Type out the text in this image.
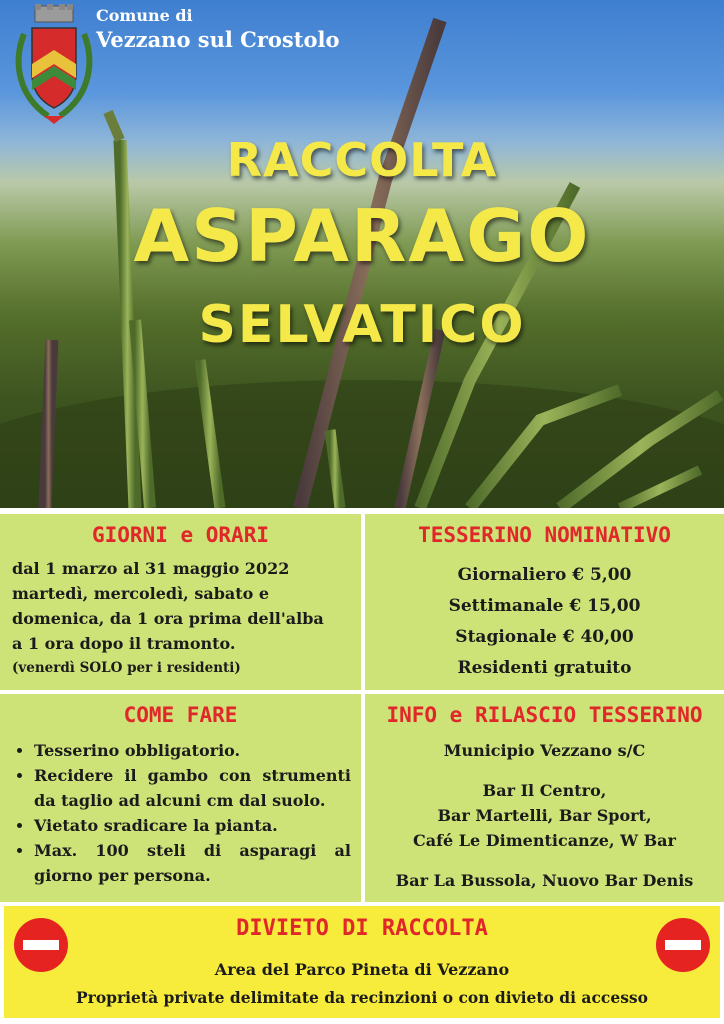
Comune di
Vezzano sul Crostolo
RACCOLTA
ASPARAGO
SELVATICO
GIORNI e ORARI
dal 1 marzo al 31 maggio 2022
martedì, mercoledì, sabato e
domenica, da 1 ora prima dell'alba
a 1 ora dopo il tramonto.

(venerdì SOLO per i residenti)
TESSERINO NOMINATIVO
Giornaliero € 5,00
Settimanale € 15,00
Stagionale € 40,00
Residenti gratuito
COME FARE
• Tesserino obbligatorio.
• Recidere il gambo con strumenti da taglio ad alcuni cm dal suolo.
• Vietato sradicare la pianta.
• Max. 100 steli di asparagi al giorno per persona.
INFO e RILASCIO TESSERINO
Municipio Vezzano s/C
Bar Il Centro,
Bar Martelli, Bar Sport,
Café Le Dimenticanze, W Bar
Bar La Bussola, Nuovo Bar Denis
DIVIETO DI RACCOLTA
Area del Parco Pineta di Vezzano
Proprietà private delimitate da recinzioni o con divieto di accesso
